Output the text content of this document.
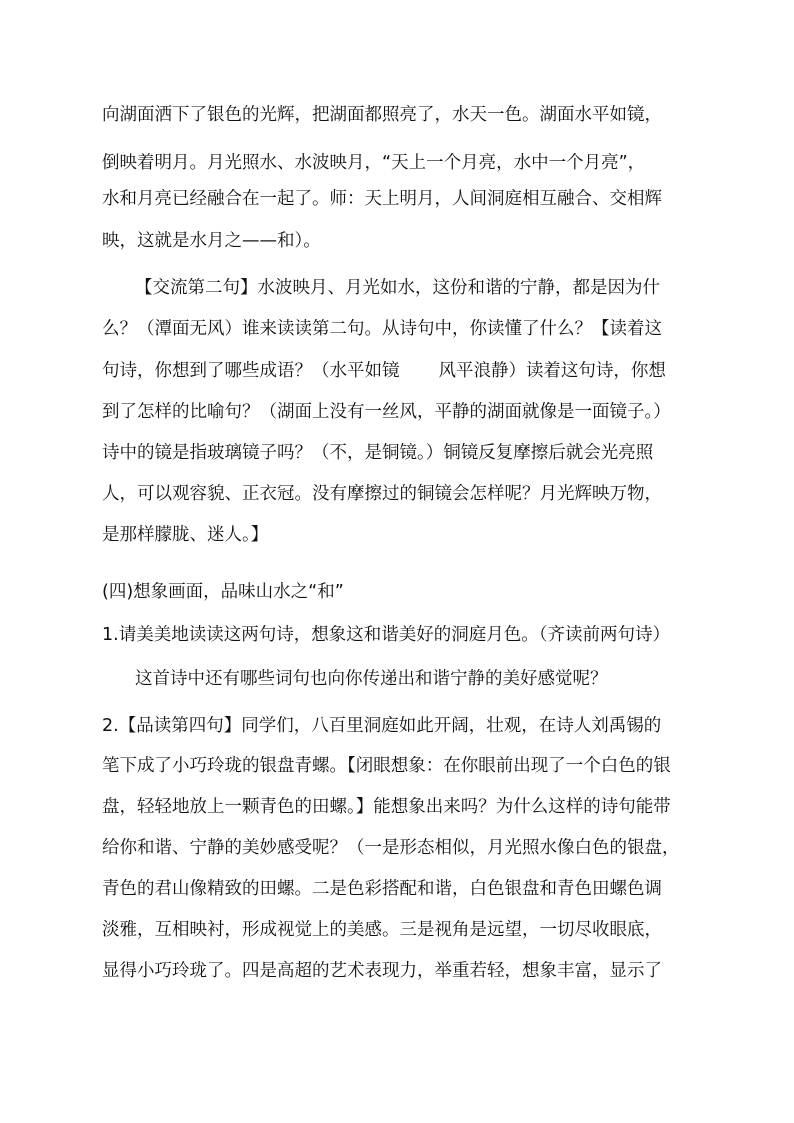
向湖面洒下了银色的光辉，把湖面都照亮了，水天一色。湖面水平如镜，
倒映着明月。月光照水、水波映月，“天上一个月亮，水中一个月亮”，
水和月亮已经融合在一起了。师：天上明月，人间洞庭相互融合、交相辉
映，这就是水月之——和）。
【交流第二句】水波映月、月光如水，这份和谐的宁静，都是因为什
么？（潭面无风）谁来读读第二句。从诗句中，你读懂了什么？【读着这
句诗，你想到了哪些成语？（水平如镜       风平浪静）读着这句诗，你想
到了怎样的比喻句？（湖面上没有一丝风，平静的湖面就像是一面镜子。）
诗中的镜是指玻璃镜子吗？（不，是铜镜。）铜镜反复摩擦后就会光亮照
人，可以观容貌、正衣冠。没有摩擦过的铜镜会怎样呢？月光辉映万物，
是那样朦胧、迷人。】
(四)想象画面，品味山水之“和”
1.请美美地读读这两句诗，想象这和谐美好的洞庭月色。（齐读前两句诗）
这首诗中还有哪些词句也向你传递出和谐宁静的美好感觉呢？
2.【品读第四句】同学们，八百里洞庭如此开阔，壮观，在诗人刘禹锡的
笔下成了小巧玲珑的银盘青螺。【闭眼想象：在你眼前出现了一个白色的银
盘，轻轻地放上一颗青色的田螺。】能想象出来吗？为什么这样的诗句能带
给你和谐、宁静的美妙感受呢？（一是形态相似，月光照水像白色的银盘，
青色的君山像精致的田螺。二是色彩搭配和谐，白色银盘和青色田螺色调
淡雅，互相映衬，形成视觉上的美感。三是视角是远望，一切尽收眼底，
显得小巧玲珑了。四是高超的艺术表现力，举重若轻，想象丰富，显示了
